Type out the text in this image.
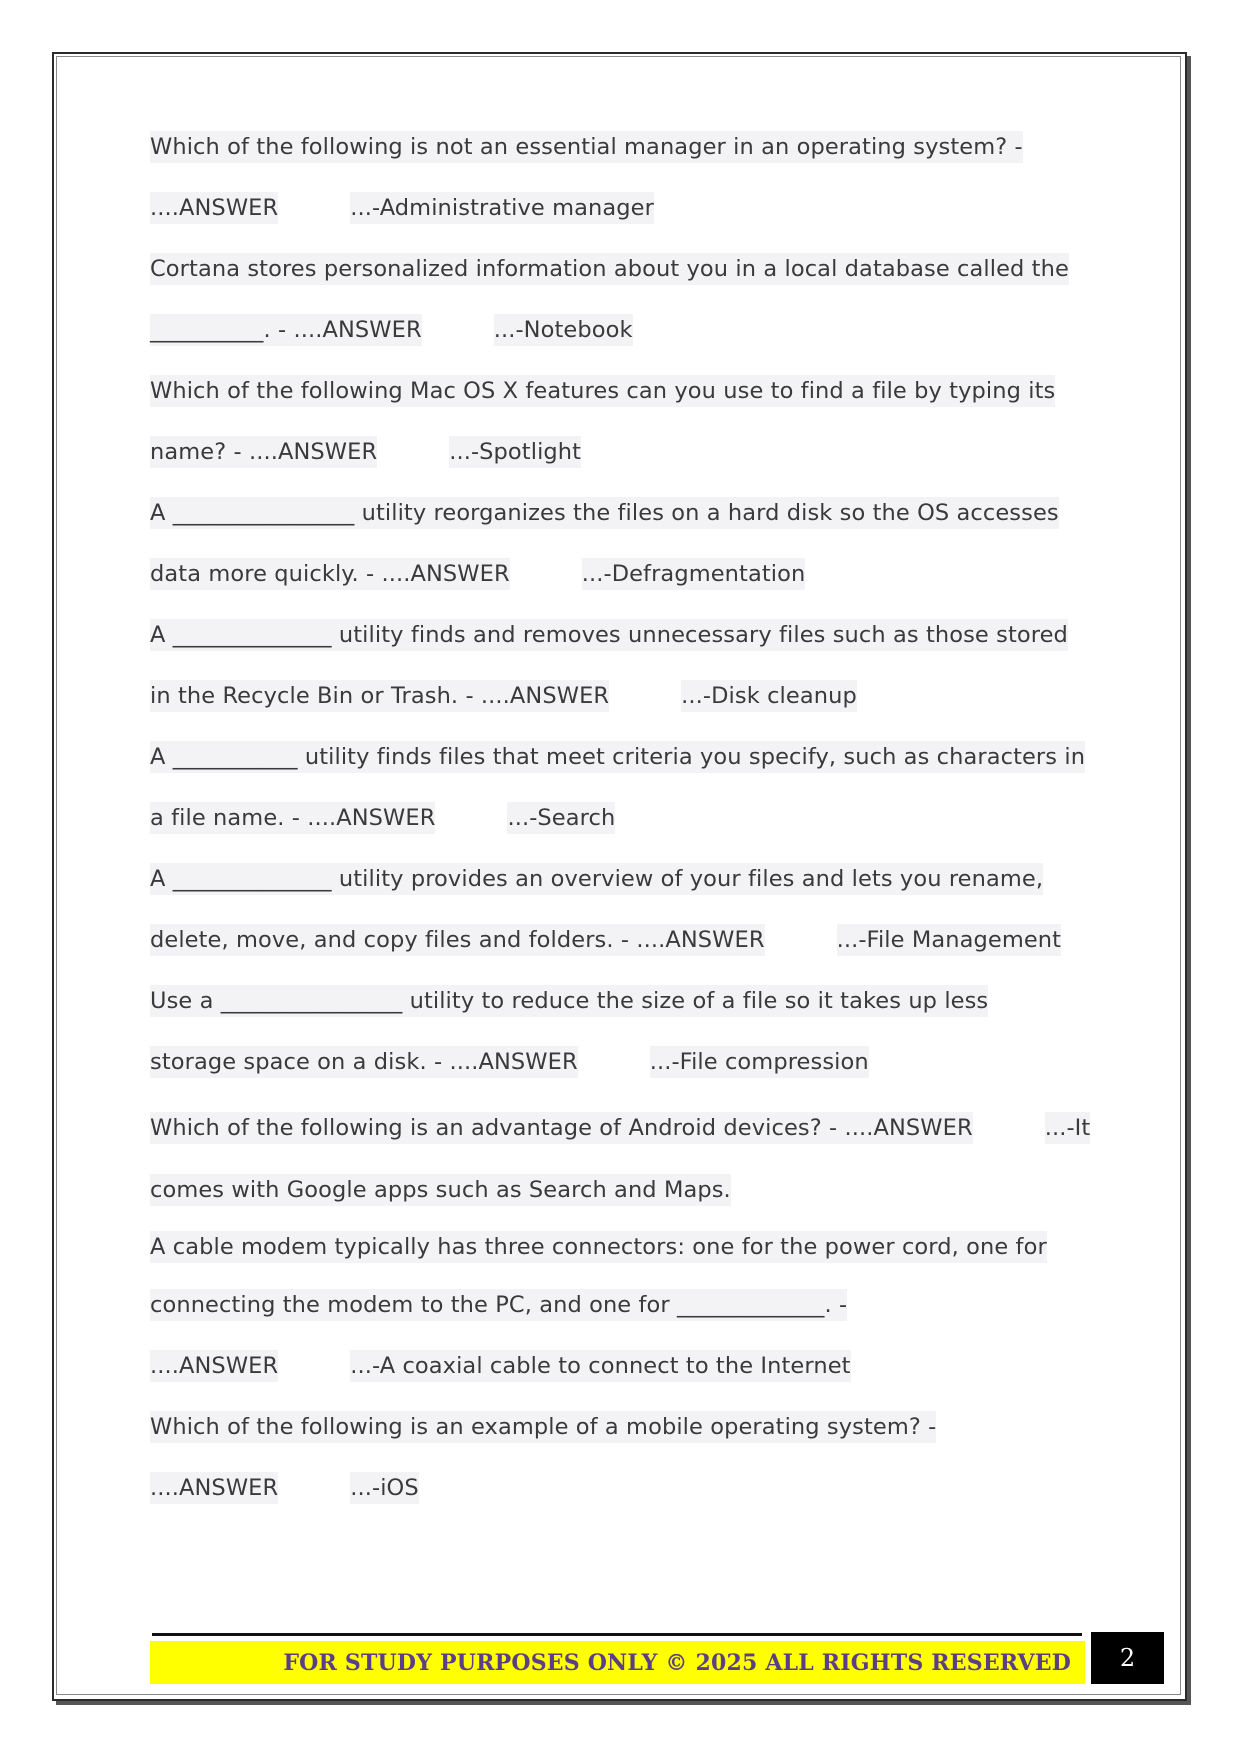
Which of the following is not an essential manager in an operating system? -
....ANSWER	...-Administrative manager
Cortana stores personalized information about you in a local database called the
__________. - ....ANSWER	...-Notebook
Which of the following Mac OS X features can you use to find a file by typing its
name? - ....ANSWER	...-Spotlight
A ________________ utility reorganizes the files on a hard disk so the OS accesses
data more quickly. - ....ANSWER	...-Defragmentation
A ______________ utility finds and removes unnecessary files such as those stored
in the Recycle Bin or Trash. - ....ANSWER	...-Disk cleanup
A ___________ utility finds files that meet criteria you specify, such as characters in
a file name. - ....ANSWER	...-Search
A ______________ utility provides an overview of your files and lets you rename,
delete, move, and copy files and folders. - ....ANSWER	...-File Management
Use a ________________ utility to reduce the size of a file so it takes up less
storage space on a disk. - ....ANSWER	...-File compression
Which of the following is an advantage of Android devices? - ....ANSWER	...-It
comes with Google apps such as Search and Maps.
A cable modem typically has three connectors: one for the power cord, one for
connecting the modem to the PC, and one for _____________. -
....ANSWER	...-A coaxial cable to connect to the Internet
Which of the following is an example of a mobile operating system? -
....ANSWER	...-iOS
FOR STUDY PURPOSES ONLY © 2025 ALL RIGHTS RESERVED 2
